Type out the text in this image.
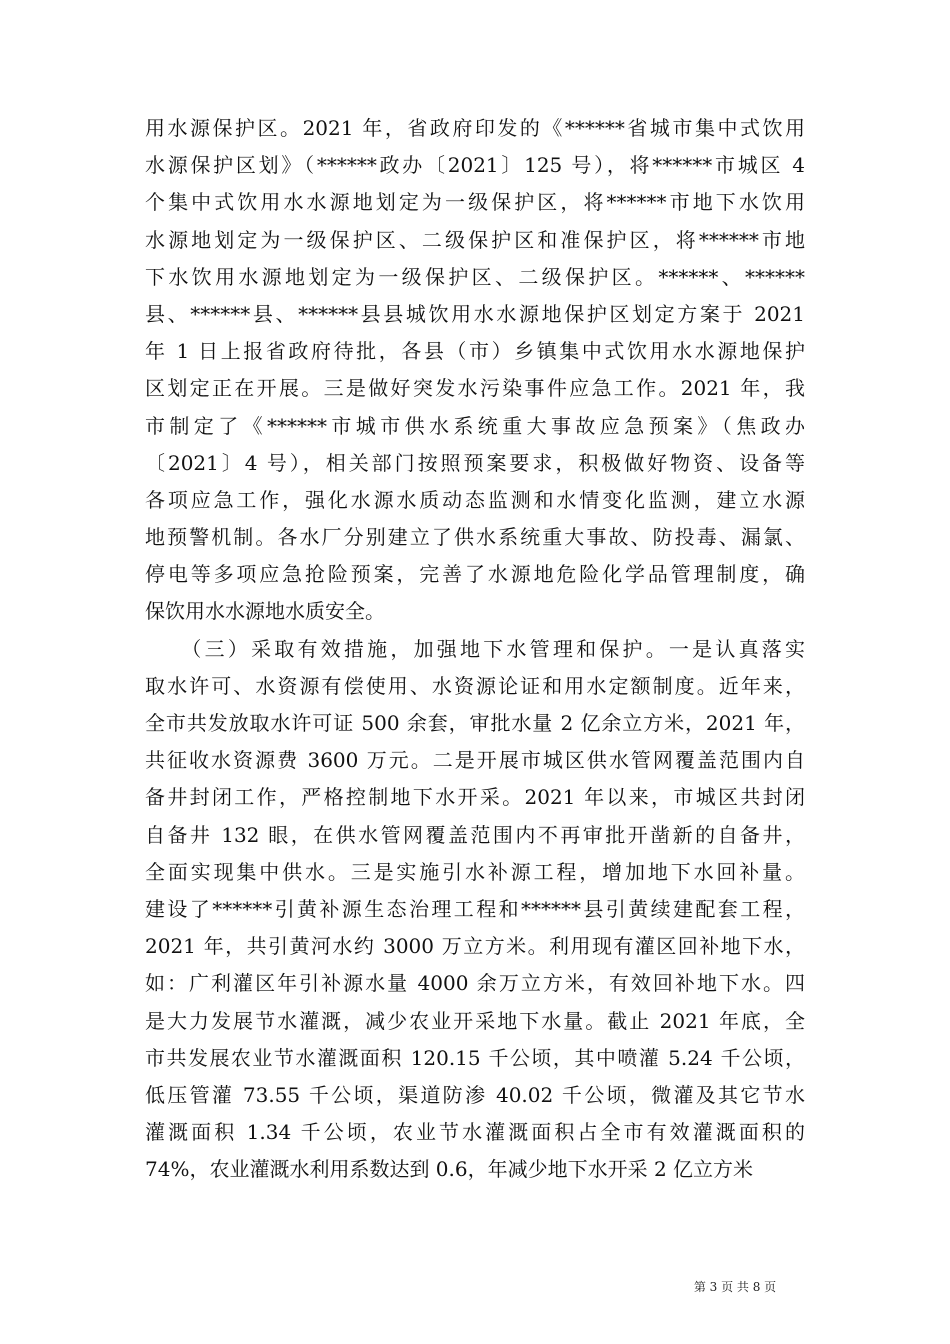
用水源保护区。2021 年，省政府印发的《******省城市集中式饮用
水源保护区划》（******政办〔2021〕125 号），将******市城区 4
个集中式饮用水水源地划定为一级保护区，将******市地下水饮用
水源地划定为一级保护区、二级保护区和准保护区，将******市地
下水饮用水源地划定为一级保护区、二级保护区。******、******
县、******县、******县县城饮用水水源地保护区划定方案于 2021
年 1 日上报省政府待批，各县（市）乡镇集中式饮用水水源地保护
区划定正在开展。三是做好突发水污染事件应急工作。2021 年，我
市制定了《******市城市供水系统重大事故应急预案》（焦政办
〔2021〕4 号），相关部门按照预案要求，积极做好物资、设备等
各项应急工作，强化水源水质动态监测和水情变化监测，建立水源
地预警机制。各水厂分别建立了供水系统重大事故、防投毒、漏氯、
停电等多项应急抢险预案，完善了水源地危险化学品管理制度，确
保饮用水水源地水质安全。
　　（三）采取有效措施，加强地下水管理和保护。一是认真落实
取水许可、水资源有偿使用、水资源论证和用水定额制度。近年来，
全市共发放取水许可证 500 余套，审批水量 2 亿余立方米，2021 年，
共征收水资源费 3600 万元。二是开展市城区供水管网覆盖范围内自
备井封闭工作，严格控制地下水开采。2021 年以来，市城区共封闭
自备井 132 眼，在供水管网覆盖范围内不再审批开凿新的自备井，
全面实现集中供水。三是实施引水补源工程，增加地下水回补量。
建设了******引黄补源生态治理工程和******县引黄续建配套工程，
2021 年，共引黄河水约 3000 万立方米。利用现有灌区回补地下水，
如：广利灌区年引补源水量 4000 余万立方米，有效回补地下水。四
是大力发展节水灌溉，减少农业开采地下水量。截止 2021 年底，全
市共发展农业节水灌溉面积 120.15 千公顷，其中喷灌 5.24 千公顷，
低压管灌 73.55 千公顷，渠道防渗 40.02 千公顷，微灌及其它节水
灌溉面积 1.34 千公顷，农业节水灌溉面积占全市有效灌溉面积的
74%，农业灌溉水利用系数达到 0.6，年减少地下水开采 2 亿立方米
第 3 页 共 8 页
